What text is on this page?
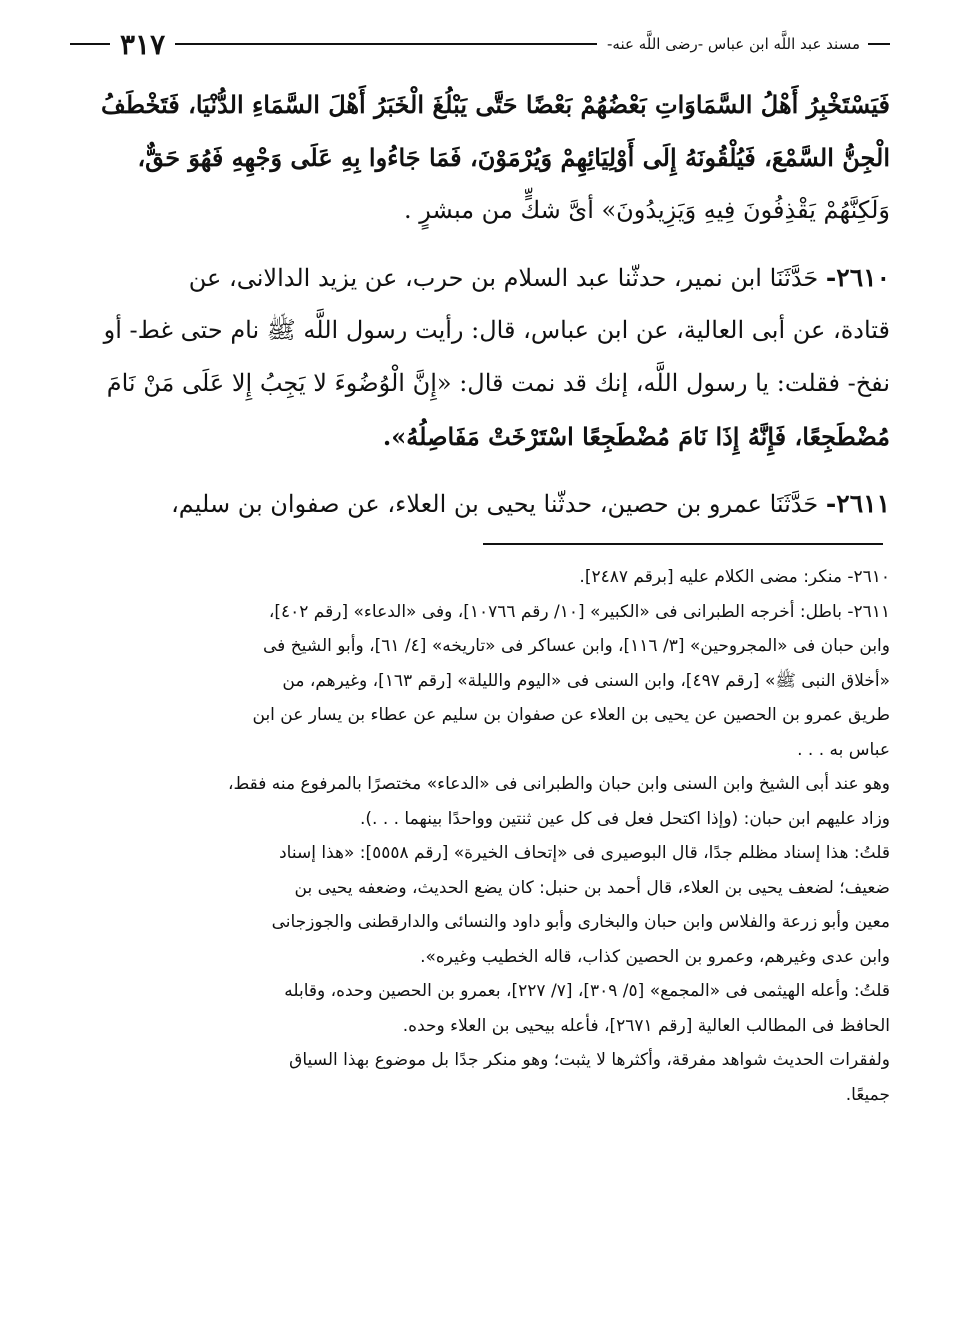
مسند عبد اللَّه ابن عباس -رضى اللَّه عنه-
٣١٧
فَيَسْتَخْبِرُ أَهْلُ السَّمَاوَاتِ بَعْضُهُمْ بَعْضًا حَتَّى يَبْلُغَ الْخَبَرُ أَهْلَ السَّمَاءِ الدُّنْيَا، فَتَخْطَفُ
الْجِنُّ السَّمْعَ، فَيُلْقُونَهُ إِلَى أَوْلِيَائِهِمْ وَيُرْمَوْنَ، فَمَا جَاءُوا بِهِ عَلَى وَجْهِهِ فَهُوَ حَقٌّ،
وَلَكِنَّهُمْ يَقْذِفُونَ فِيهِ وَيَزِيدُونَ» أىَّ شكٍّ من مبشرٍ .
٢٦١٠- حَدَّثَنَا ابن نمير، حدثّنا عبد السلام بن حرب، عن يزيد الدالانى، عن
قتادة، عن أبى العالية، عن ابن عباس، قال: رأيت رسول اللَّه ﷺ نام حتى غط- أو
نفخ- فقلت: يا رسول اللَّه، إنك قد نمت قال: «إِنَّ الْوُضُوءَ لا يَجِبُ إِلا عَلَى مَنْ نَامَ
مُضْطَجِعًا، فَإِنَّهُ إِذَا نَامَ مُضْطَجِعًا اسْتَرْخَتْ مَفَاصِلُهُ».
٢٦١١- حَدَّثَنَا عمرو بن حصين، حدثّنا يحيى بن العلاء، عن صفوان بن سليم،
٢٦١٠- منكر: مضى الكلام عليه [برقم ٢٤٨٧].
٢٦١١- باطل: أخرجه الطبرانى فى «الكبير» [١٠/ رقم ١٠٧٦٦]، وفى «الدعاء» [رقم ٤٠٢]،
وابن حبان فى «المجروحين» [٣/ ١١٦]، وابن عساكر فى «تاريخه» [٤/ ٦١]، وأبو الشيخ فى
«أخلاق النبى ﷺ» [رقم ٤٩٧]، وابن السنى فى «اليوم والليلة» [رقم ١٦٣]، وغيرهم، من
طريق عمرو بن الحصين عن يحيى بن العلاء عن صفوان بن سليم عن عطاء بن يسار عن ابن
عباس به . . .
وهو عند أبى الشيخ وابن السنى وابن حبان والطبرانى فى «الدعاء» مختصرًا بالمرفوع منه فقط،
وزاد عليهم ابن حبان: (وإذا اكتحل فعل فى كل عين ثنتين وواحدًا بينهما . . .).
قلتُ: هذا إسناد مظلم جدًا، قال البوصيرى فى «إتحاف الخيرة» [رقم ٥٥٥٨]: «هذا إسناد
ضعيف؛ لضعف يحيى بن العلاء، قال أحمد بن حنبل: كان يضع الحديث، وضعفه يحيى بن
معين وأبو زرعة والفلاس وابن حبان والبخارى وأبو داود والنسائى والدارقطنى والجوزجانى
وابن عدى وغيرهم، وعمرو بن الحصين كذاب، قاله الخطيب وغيره».
قلتُ: وأعله الهيثمى فى «المجمع» [٥/ ٣٠٩]، [٧/ ٢٢٧]، بعمرو بن الحصين وحده، وقابله
الحافظ فى المطالب العالية [رقم ٢٦٧١]، فأعله بيحيى بن العلاء وحده.
ولفقرات الحديث شواهد مفرقة، وأكثرها لا يثبت؛ وهو منكر جدًا بل موضوع بهذا السياق
جميعًا.
